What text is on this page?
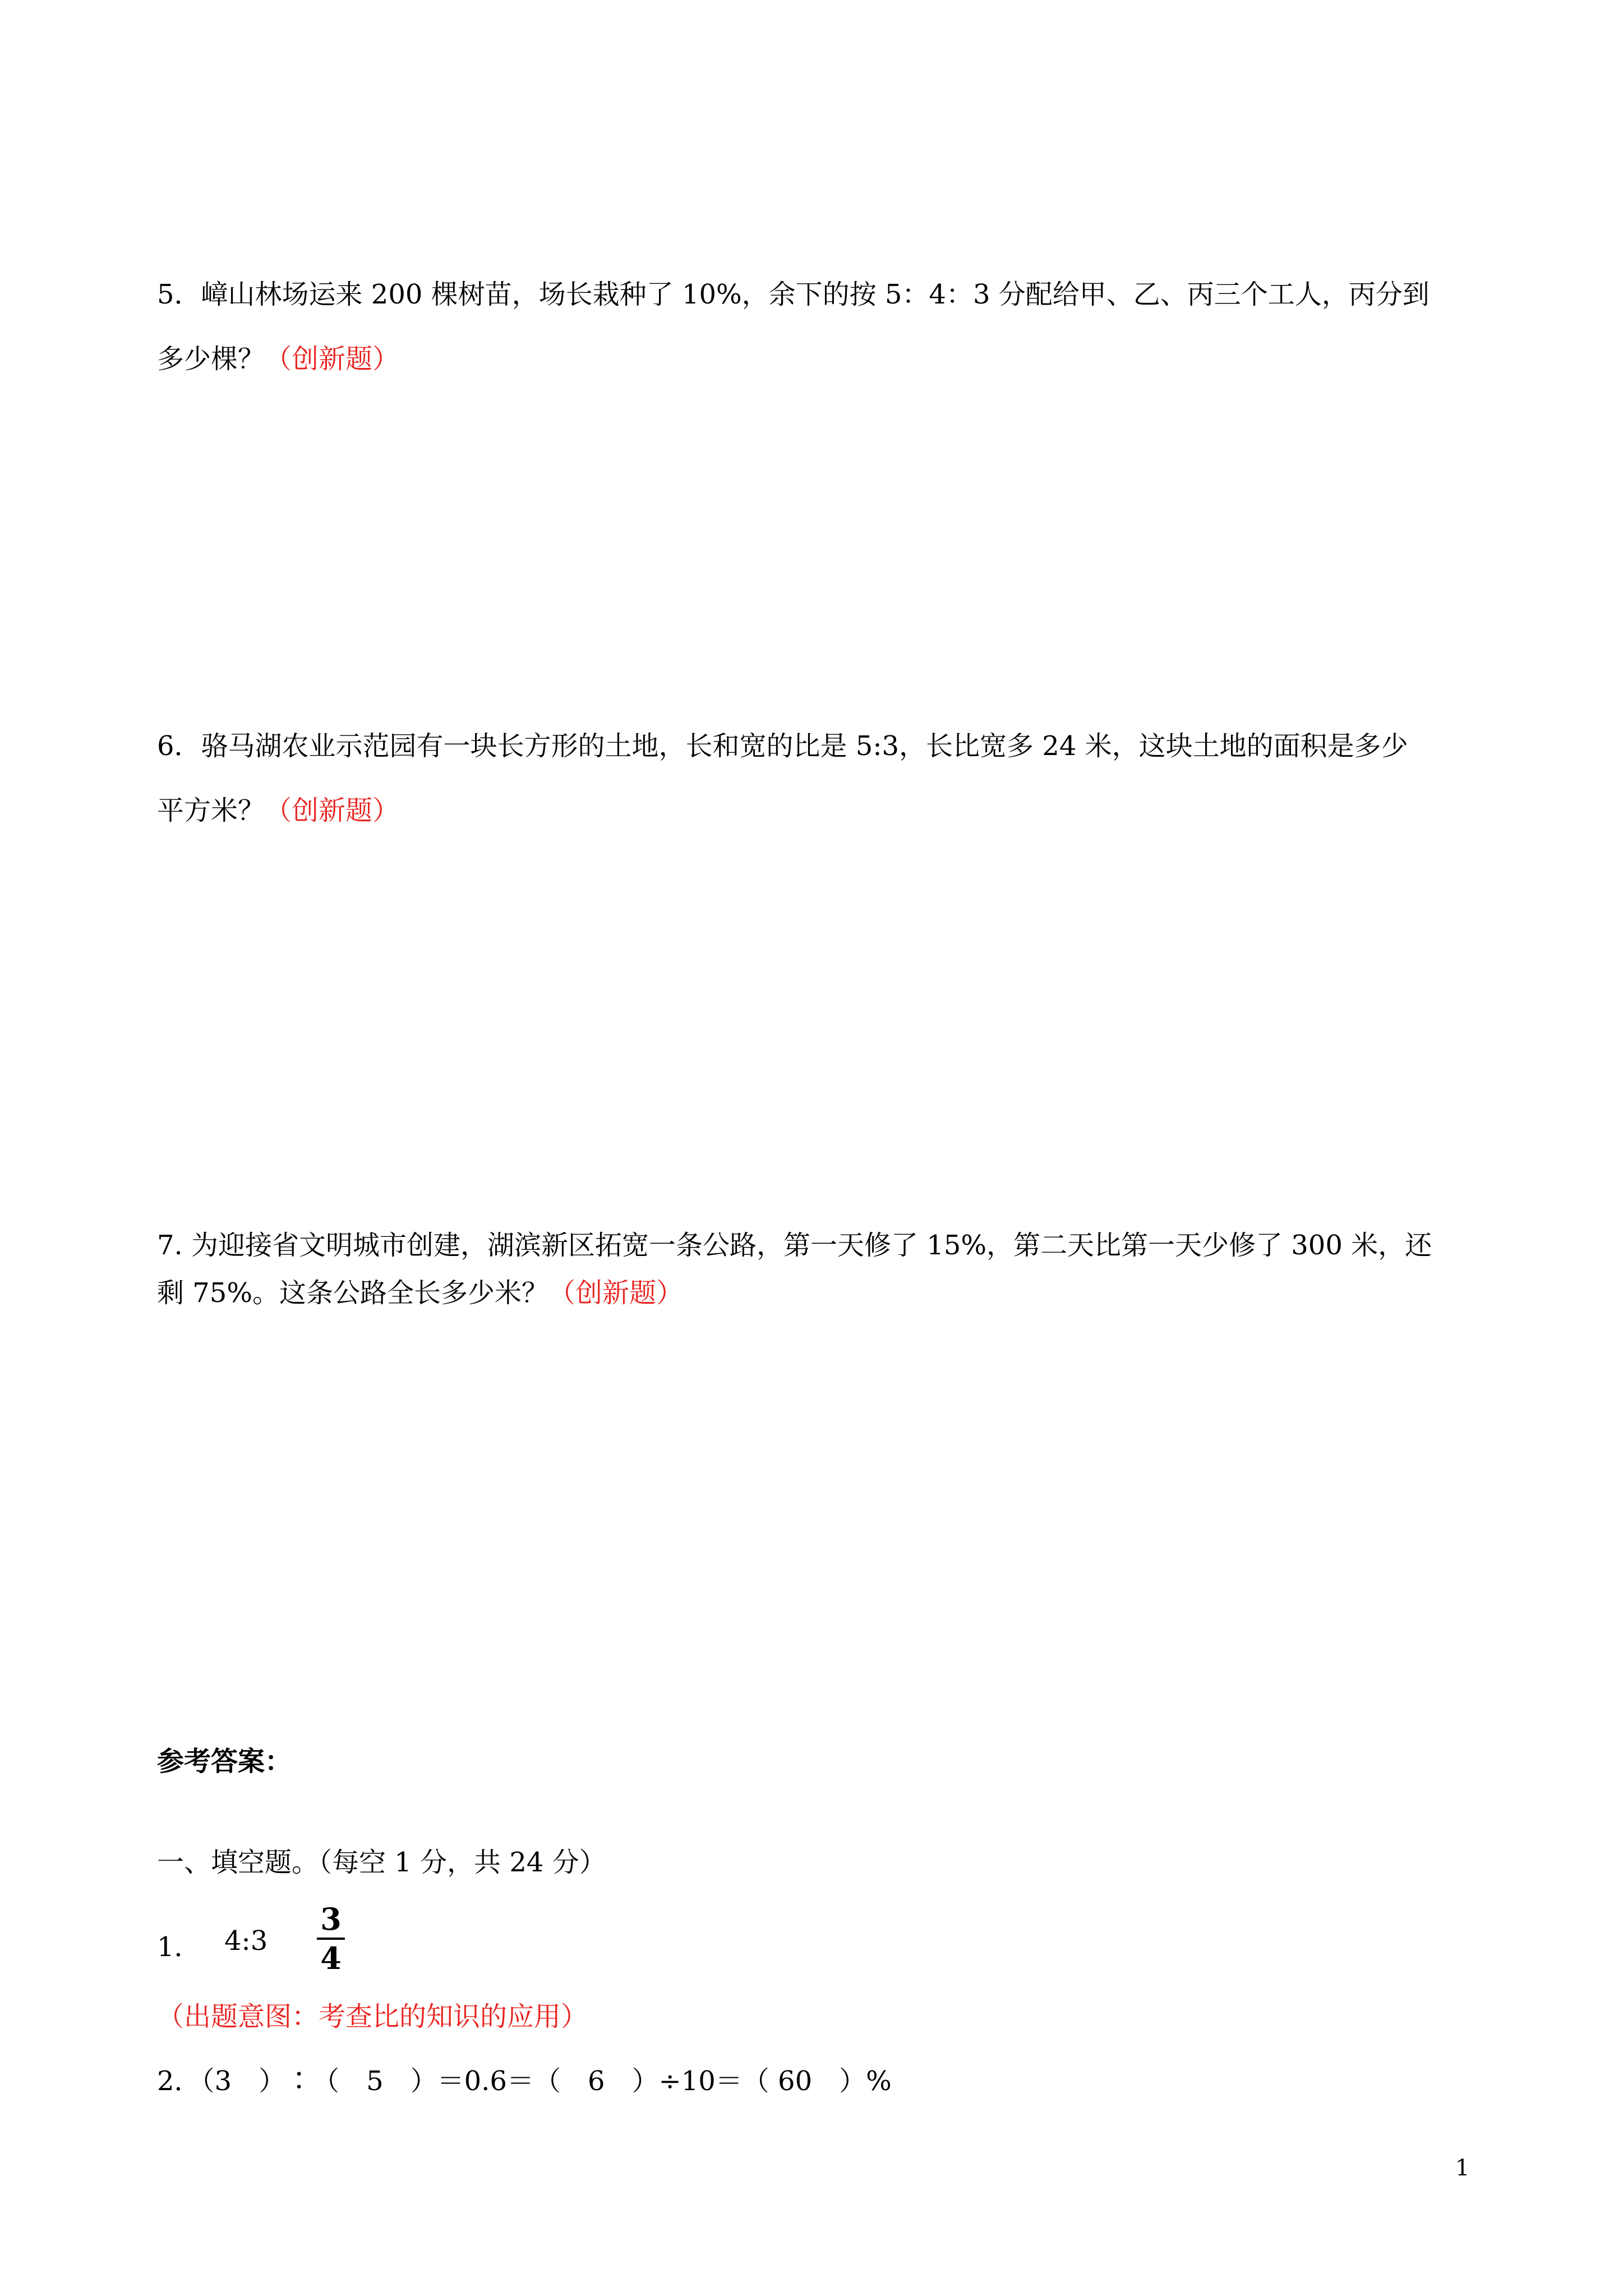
5．嶂山林场运来 200 棵树苗，场长栽种了 10%，余下的按 5：4：3 分配给甲、乙、丙三个工人，丙分到
多少棵？（创新题）
6．骆马湖农业示范园有一块长方形的土地，长和宽的比是 5:3，长比宽多 24 米，这块土地的面积是多少
平方米？（创新题）
7. 为迎接省文明城市创建，湖滨新区拓宽一条公路，第一天修了 15%，第二天比第一天少修了 300 米，还
剩 75%。这条公路全长多少米？（创新题）
参考答案：
一、填空题。（每空 1 分，共 24 分）
1． 4:3
3
4
（出题意图：考查比的知识的应用）
2．（3　）∶（　5　）＝0.6＝（　6　）÷10＝（ 60　）%
1
